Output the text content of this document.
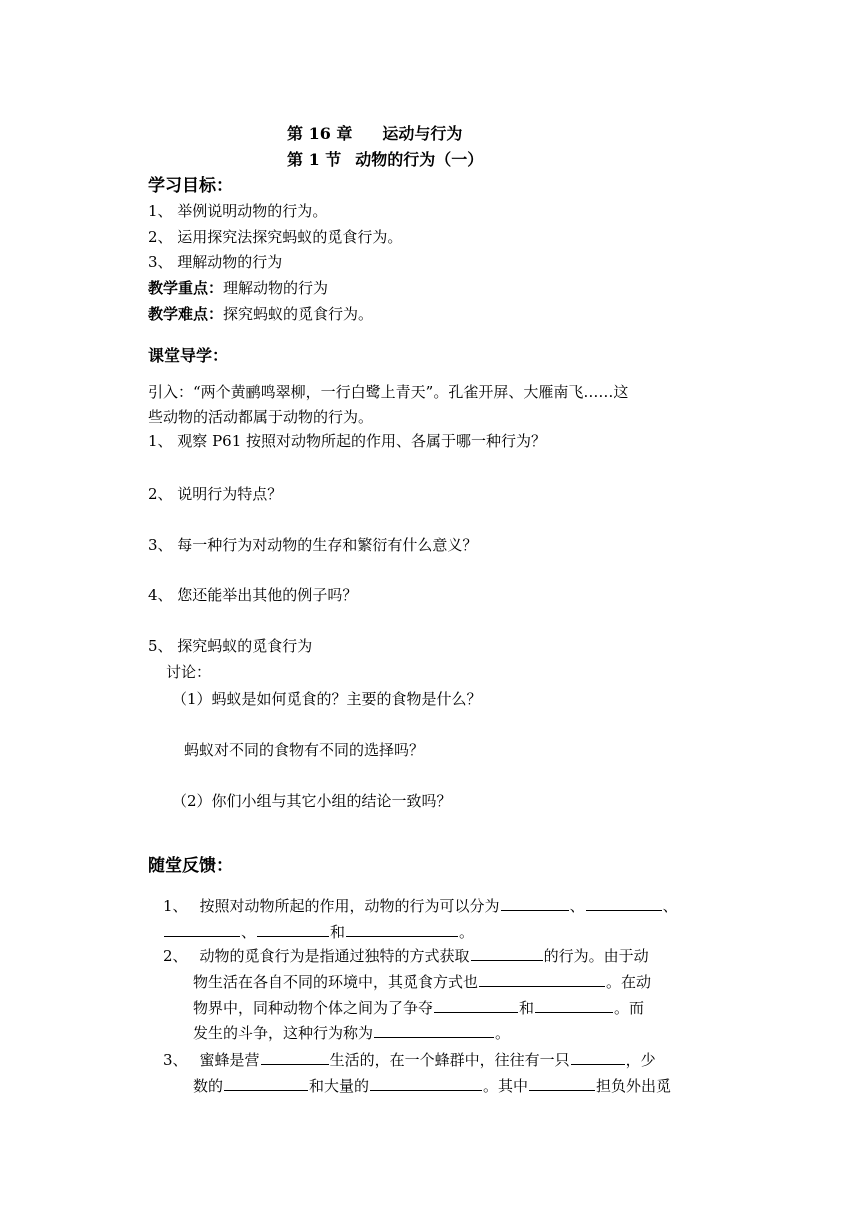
第 16 章 运动与行为
第 1 节 动物的行为（一）
学习目标：
1、 举例说明动物的行为。
2、 运用探究法探究蚂蚁的觅食行为。
3、 理解动物的行为
教学重点：理解动物的行为
教学难点：探究蚂蚁的觅食行为。
课堂导学：
引入：“两个黄鹂鸣翠柳，一行白鹭上青天”。孔雀开屏、大雁南飞……这
些动物的活动都属于动物的行为。
1、 观察 P61 按照对动物所起的作用、各属于哪一种行为？
2、 说明行为特点？
3、 每一种行为对动物的生存和繁衍有什么意义？
4、 您还能举出其他的例子吗？
5、 探究蚂蚁的觅食行为
讨论：
（1）蚂蚁是如何觅食的？主要的食物是什么？
蚂蚁对不同的食物有不同的选择吗？
（2）你们小组与其它小组的结论一致吗？
随堂反馈：
1、 按照对动物所起的作用，动物的行为可以分为	、	、
、	和	。
2、 动物的觅食行为是指通过独特的方式获取	的行为。由于动
物生活在各自不同的环境中，其觅食方式也	。在动
物界中，同种动物个体之间为了争夺	和	。而
发生的斗争，这种行为称为	。
3、 蜜蜂是营	生活的，在一个蜂群中，往往有一只	，少
数的	和大量的	。其中	担负外出觅
